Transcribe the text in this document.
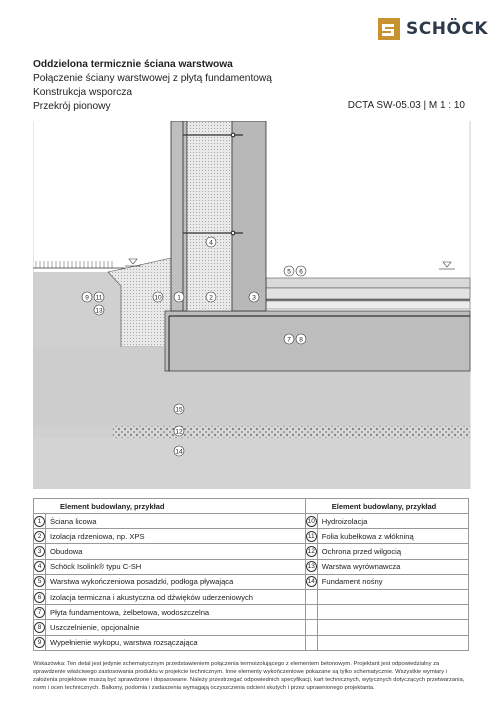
SCHÖCK
Oddzielona termicznie ściana warstwowa
Połączenie ściany warstwowej z płytą fundamentową
Konstrukcja wsporcza
Przekrój pionowy	DCTA SW-05.03 | M 1 : 10
4
5 6
9 11
13
10 1	2	3
7 8
15
12
14
Element budowlany, przykład		Element budowlany, przykład	
1	Ściana licowa	10	Hydroizolacja
2	Izolacja rdzeniowa, np. XPS	11	Folia kubełkowa z włókniną
3	Obudowa	12	Ochrona przed wilgocią
4	Schöck Isolink® typu C-SH	13	Warstwa wyrównawcza
5	Warstwa wykończeniowa posadzki, podłoga pływająca	14	Fundament nośny
6	Izolacja termiczna i akustyczna od dźwięków uderzeniowych		
7	Płyta fundamentowa, żelbetowa, wodoszczelna		
8	Uszczelnienie, opcjonalnie		
9	Wypełnienie wykopu, warstwa rozsączająca		
Wskazówka: Ten detal jest jedynie schematycznym przedstawieniem połączenia termoizolującego z elementem betonowym. Projektant jest odpowiedzialny za sprawdzenie właściwego zastosowania produktu w projekcie technicznym. Inne elementy wykończeniowe pokazane są tylko schematycznie. Wszystkie wymiary i założenia projektowe muszą być sprawdzone i dopasowane. Należy przestrzegać odpowiednich specyfikacji, kart technicznych, wytycznych dotyczących przetwarzania, norm i ocen technicznych. Balkony, podomia i zadaszenia wymagają oczyszczenia odcieni skutych i przez uprawnionego projektanta.
